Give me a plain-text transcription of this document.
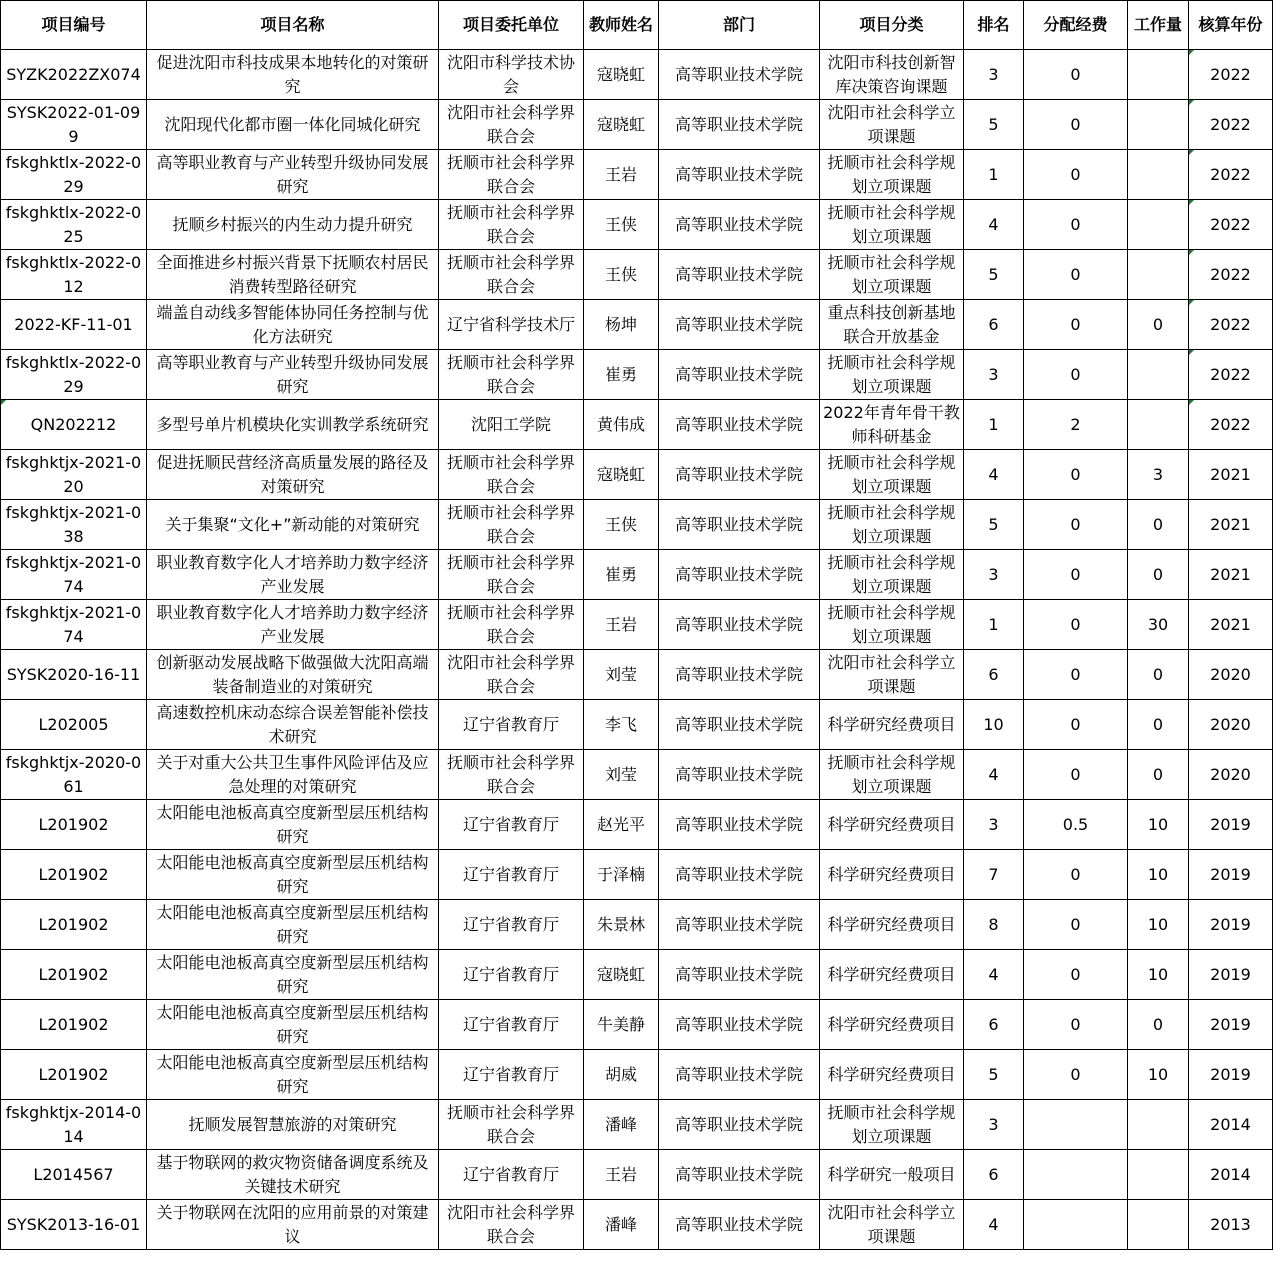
项目编号	项目名称	项目委托单位	教师姓名	部门	项目分类	排名	分配经费	工作量	核算年份
SYZK2022ZX074	促进沈阳市科技成果本地转化的对策研究	沈阳市科学技术协会	寇晓虹	高等职业技术学院	沈阳市科技创新智库决策咨询课题	3	0		2022
SYSK2022-01-099	沈阳现代化都市圈一体化同城化研究	沈阳市社会科学界联合会	寇晓虹	高等职业技术学院	沈阳市社会科学立项课题	5	0		2022
fskghktlx-2022-029	高等职业教育与产业转型升级协同发展研究	抚顺市社会科学界联合会	王岩	高等职业技术学院	抚顺市社会科学规划立项课题	1	0		2022
fskghktlx-2022-025	抚顺乡村振兴的内生动力提升研究	抚顺市社会科学界联合会	王侠	高等职业技术学院	抚顺市社会科学规划立项课题	4	0		2022
fskghktlx-2022-012	全面推进乡村振兴背景下抚顺农村居民消费转型路径研究	抚顺市社会科学界联合会	王侠	高等职业技术学院	抚顺市社会科学规划立项课题	5	0		2022
2022-KF-11-01	端盖自动线多智能体协同任务控制与优化方法研究	辽宁省科学技术厅	杨坤	高等职业技术学院	重点科技创新基地联合开放基金	6	0	0	2022
fskghktlx-2022-029	高等职业教育与产业转型升级协同发展研究	抚顺市社会科学界联合会	崔勇	高等职业技术学院	抚顺市社会科学规划立项课题	3	0		2022
QN202212	多型号单片机模块化实训教学系统研究	沈阳工学院	黄伟成	高等职业技术学院	2022年青年骨干教师科研基金	1	2		2022
fskghktjx-2021-020	促进抚顺民营经济高质量发展的路径及对策研究	抚顺市社会科学界联合会	寇晓虹	高等职业技术学院	抚顺市社会科学规划立项课题	4	0	3	2021
fskghktjx-2021-038	关于集聚“文化+”新动能的对策研究	抚顺市社会科学界联合会	王侠	高等职业技术学院	抚顺市社会科学规划立项课题	5	0	0	2021
fskghktjx-2021-074	职业教育数字化人才培养助力数字经济产业发展	抚顺市社会科学界联合会	崔勇	高等职业技术学院	抚顺市社会科学规划立项课题	3	0	0	2021
fskghktjx-2021-074	职业教育数字化人才培养助力数字经济产业发展	抚顺市社会科学界联合会	王岩	高等职业技术学院	抚顺市社会科学规划立项课题	1	0	30	2021
SYSK2020-16-11	创新驱动发展战略下做强做大沈阳高端装备制造业的对策研究	沈阳市社会科学界联合会	刘莹	高等职业技术学院	沈阳市社会科学立项课题	6	0	0	2020
L202005	高速数控机床动态综合误差智能补偿技术研究	辽宁省教育厅	李飞	高等职业技术学院	科学研究经费项目	10	0	0	2020
fskghktjx-2020-061	关于对重大公共卫生事件风险评估及应急处理的对策研究	抚顺市社会科学界联合会	刘莹	高等职业技术学院	抚顺市社会科学规划立项课题	4	0	0	2020
L201902	太阳能电池板高真空度新型层压机结构研究	辽宁省教育厅	赵光平	高等职业技术学院	科学研究经费项目	3	0.5	10	2019
L201902	太阳能电池板高真空度新型层压机结构研究	辽宁省教育厅	于泽楠	高等职业技术学院	科学研究经费项目	7	0	10	2019
L201902	太阳能电池板高真空度新型层压机结构研究	辽宁省教育厅	朱景林	高等职业技术学院	科学研究经费项目	8	0	10	2019
L201902	太阳能电池板高真空度新型层压机结构研究	辽宁省教育厅	寇晓虹	高等职业技术学院	科学研究经费项目	4	0	10	2019
L201902	太阳能电池板高真空度新型层压机结构研究	辽宁省教育厅	牛美静	高等职业技术学院	科学研究经费项目	6	0	0	2019
L201902	太阳能电池板高真空度新型层压机结构研究	辽宁省教育厅	胡威	高等职业技术学院	科学研究经费项目	5	0	10	2019
fskghktjx-2014-014	抚顺发展智慧旅游的对策研究	抚顺市社会科学界联合会	潘峰	高等职业技术学院	抚顺市社会科学规划立项课题	3			2014
L2014567	基于物联网的救灾物资储备调度系统及关键技术研究	辽宁省教育厅	王岩	高等职业技术学院	科学研究一般项目	6			2014
SYSK2013-16-01	关于物联网在沈阳的应用前景的对策建议	沈阳市社会科学界联合会	潘峰	高等职业技术学院	沈阳市社会科学立项课题	4			2013
